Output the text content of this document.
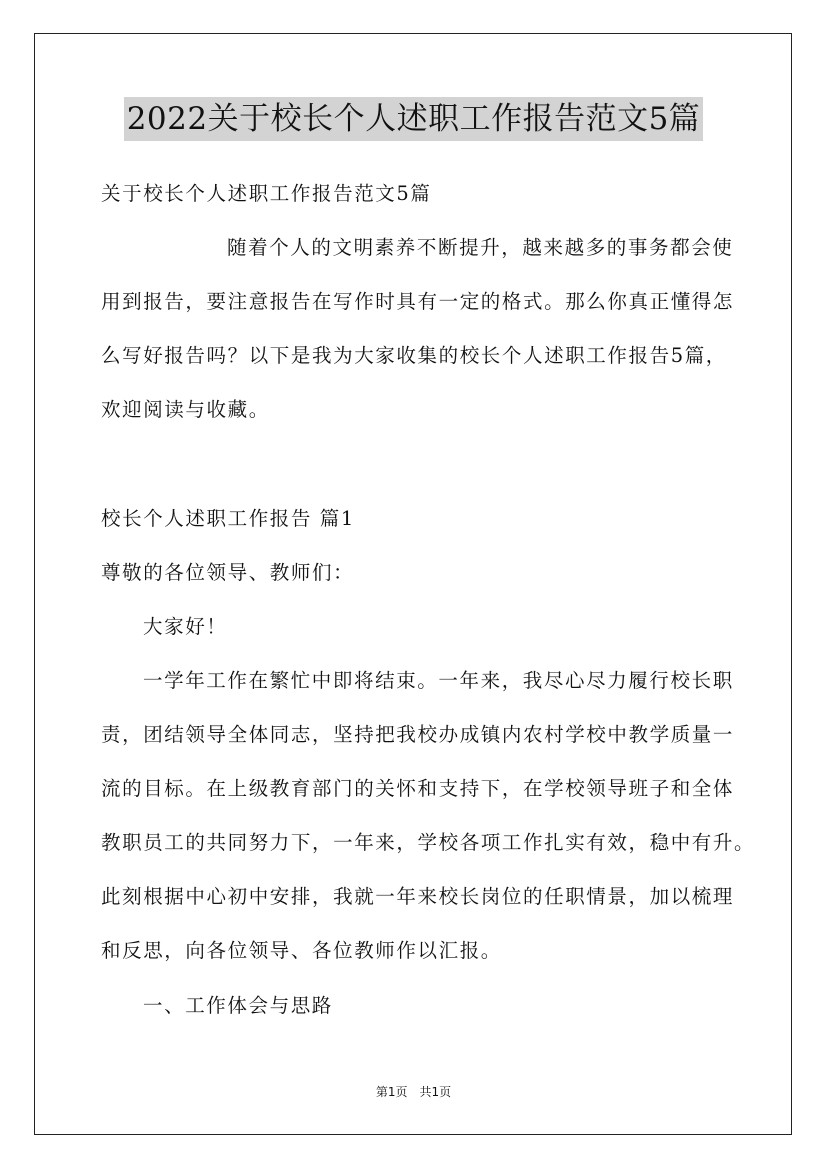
2022关于校长个人述职工作报告范文5篇
关于校长个人述职工作报告范文5篇
随着个人的文明素养不断提升，越来越多的事务都会使
用到报告，要注意报告在写作时具有一定的格式。那么你真正懂得怎
么写好报告吗？以下是我为大家收集的校长个人述职工作报告5篇，
欢迎阅读与收藏。
校长个人述职工作报告 篇1
尊敬的各位领导、教师们：
大家好！
一学年工作在繁忙中即将结束。一年来，我尽心尽力履行校长职
责，团结领导全体同志，坚持把我校办成镇内农村学校中教学质量一
流的目标。在上级教育部门的关怀和支持下，在学校领导班子和全体
教职员工的共同努力下，一年来，学校各项工作扎实有效，稳中有升。
此刻根据中心初中安排，我就一年来校长岗位的任职情景，加以梳理
和反思，向各位领导、各位教师作以汇报。
一、工作体会与思路
第1页　共1页
